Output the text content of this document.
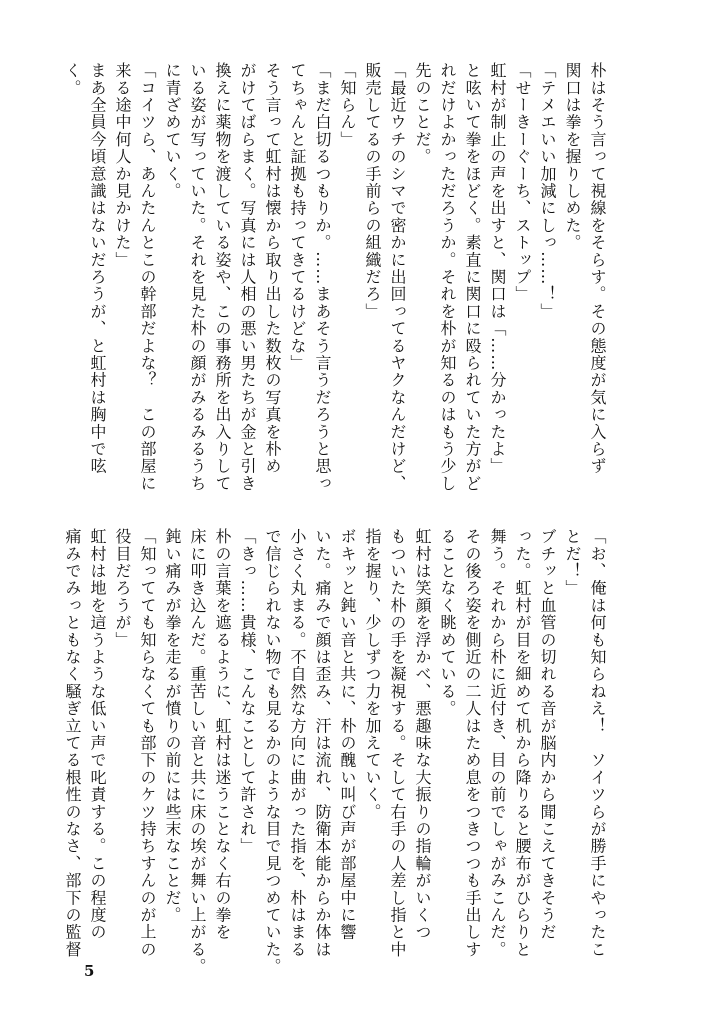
朴はそう言って視線をそらす。その態度が気に入らず
関口は拳を握りしめた。
「テメエいい加減にしっ……！」
「せーきーぐーち、ストップ」
虹村が制止の声を出すと、関口は「……分かったよ」
と呟いて拳をほどく。素直に関口に殴られていた方がど
れだけよかっただろうか。それを朴が知るのはもう少し
先のことだ。
「最近ウチのシマで密かに出回ってるヤクなんだけど、
販売してるの手前らの組織だろ」
「知らん」
「まだ白切るつもりか。……まあそう言うだろうと思っ
てちゃんと証拠も持ってきてるけどな」
そう言って虹村は懐から取り出した数枚の写真を朴め
がけてばらまく。写真には人相の悪い男たちが金と引き
換えに薬物を渡している姿や、この事務所を出入りして
いる姿が写っていた。それを見た朴の顔がみるみるうち
に青ざめていく。
「コイツら、あんたんとこの幹部だよな？　この部屋に
来る途中何人か見かけた」
まあ全員今頃意識はないだろうが、と虹村は胸中で呟
く。
「お、俺は何も知らねえ！　ソイツらが勝手にやったこ
とだ！」
ブチッと血管の切れる音が脳内から聞こえてきそうだ
った。虹村が目を細めて机から降りると腰布がひらりと
舞う。それから朴に近付き、目の前でしゃがみこんだ。
その後ろ姿を側近の二人はため息をつきつつも手出しす
ることなく眺めている。
虹村は笑顔を浮かべ、悪趣味な大振りの指輪がいくつ
もついた朴の手を凝視する。そして右手の人差し指と中
指を握り、少しずつ力を加えていく。
ボキッと鈍い音と共に、朴の醜い叫び声が部屋中に響
いた。痛みで顔は歪み、汗は流れ、防衛本能からか体は
小さく丸まる。不自然な方向に曲がった指を、朴はまる
で信じられない物でも見るかのような目で見つめていた。
「きっ……貴様、こんなことして許され」
朴の言葉を遮るように、虹村は迷うことなく右の拳を
床に叩き込んだ。重苦しい音と共に床の埃が舞い上がる。
鈍い痛みが拳を走るが憤りの前には些末なことだ。
「知ってても知らなくても部下のケツ持ちすんのが上の
役目だろうが」
虹村は地を這うような低い声で叱責する。この程度の
痛みでみっともなく騒ぎ立てる根性のなさ、部下の監督
5
